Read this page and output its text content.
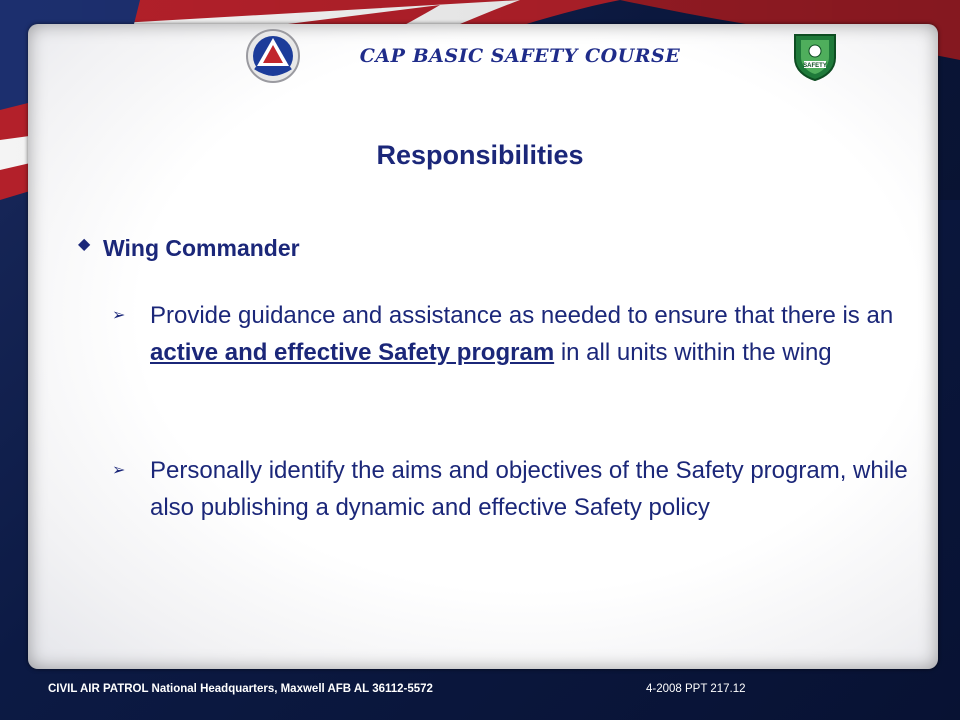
CAP BASIC SAFETY COURSE	SAFETY
Responsibilities
◆ Wing Commander
➢ Provide guidance and assistance as needed to ensure that there is an active and effective Safety program in all units within the wing
➢ Personally identify the aims and objectives of the Safety program, while also publishing a dynamic and effective Safety policy
CIVIL AIR PATROL National Headquarters, Maxwell AFB AL 36112-5572	4-2008 PPT 217.12
